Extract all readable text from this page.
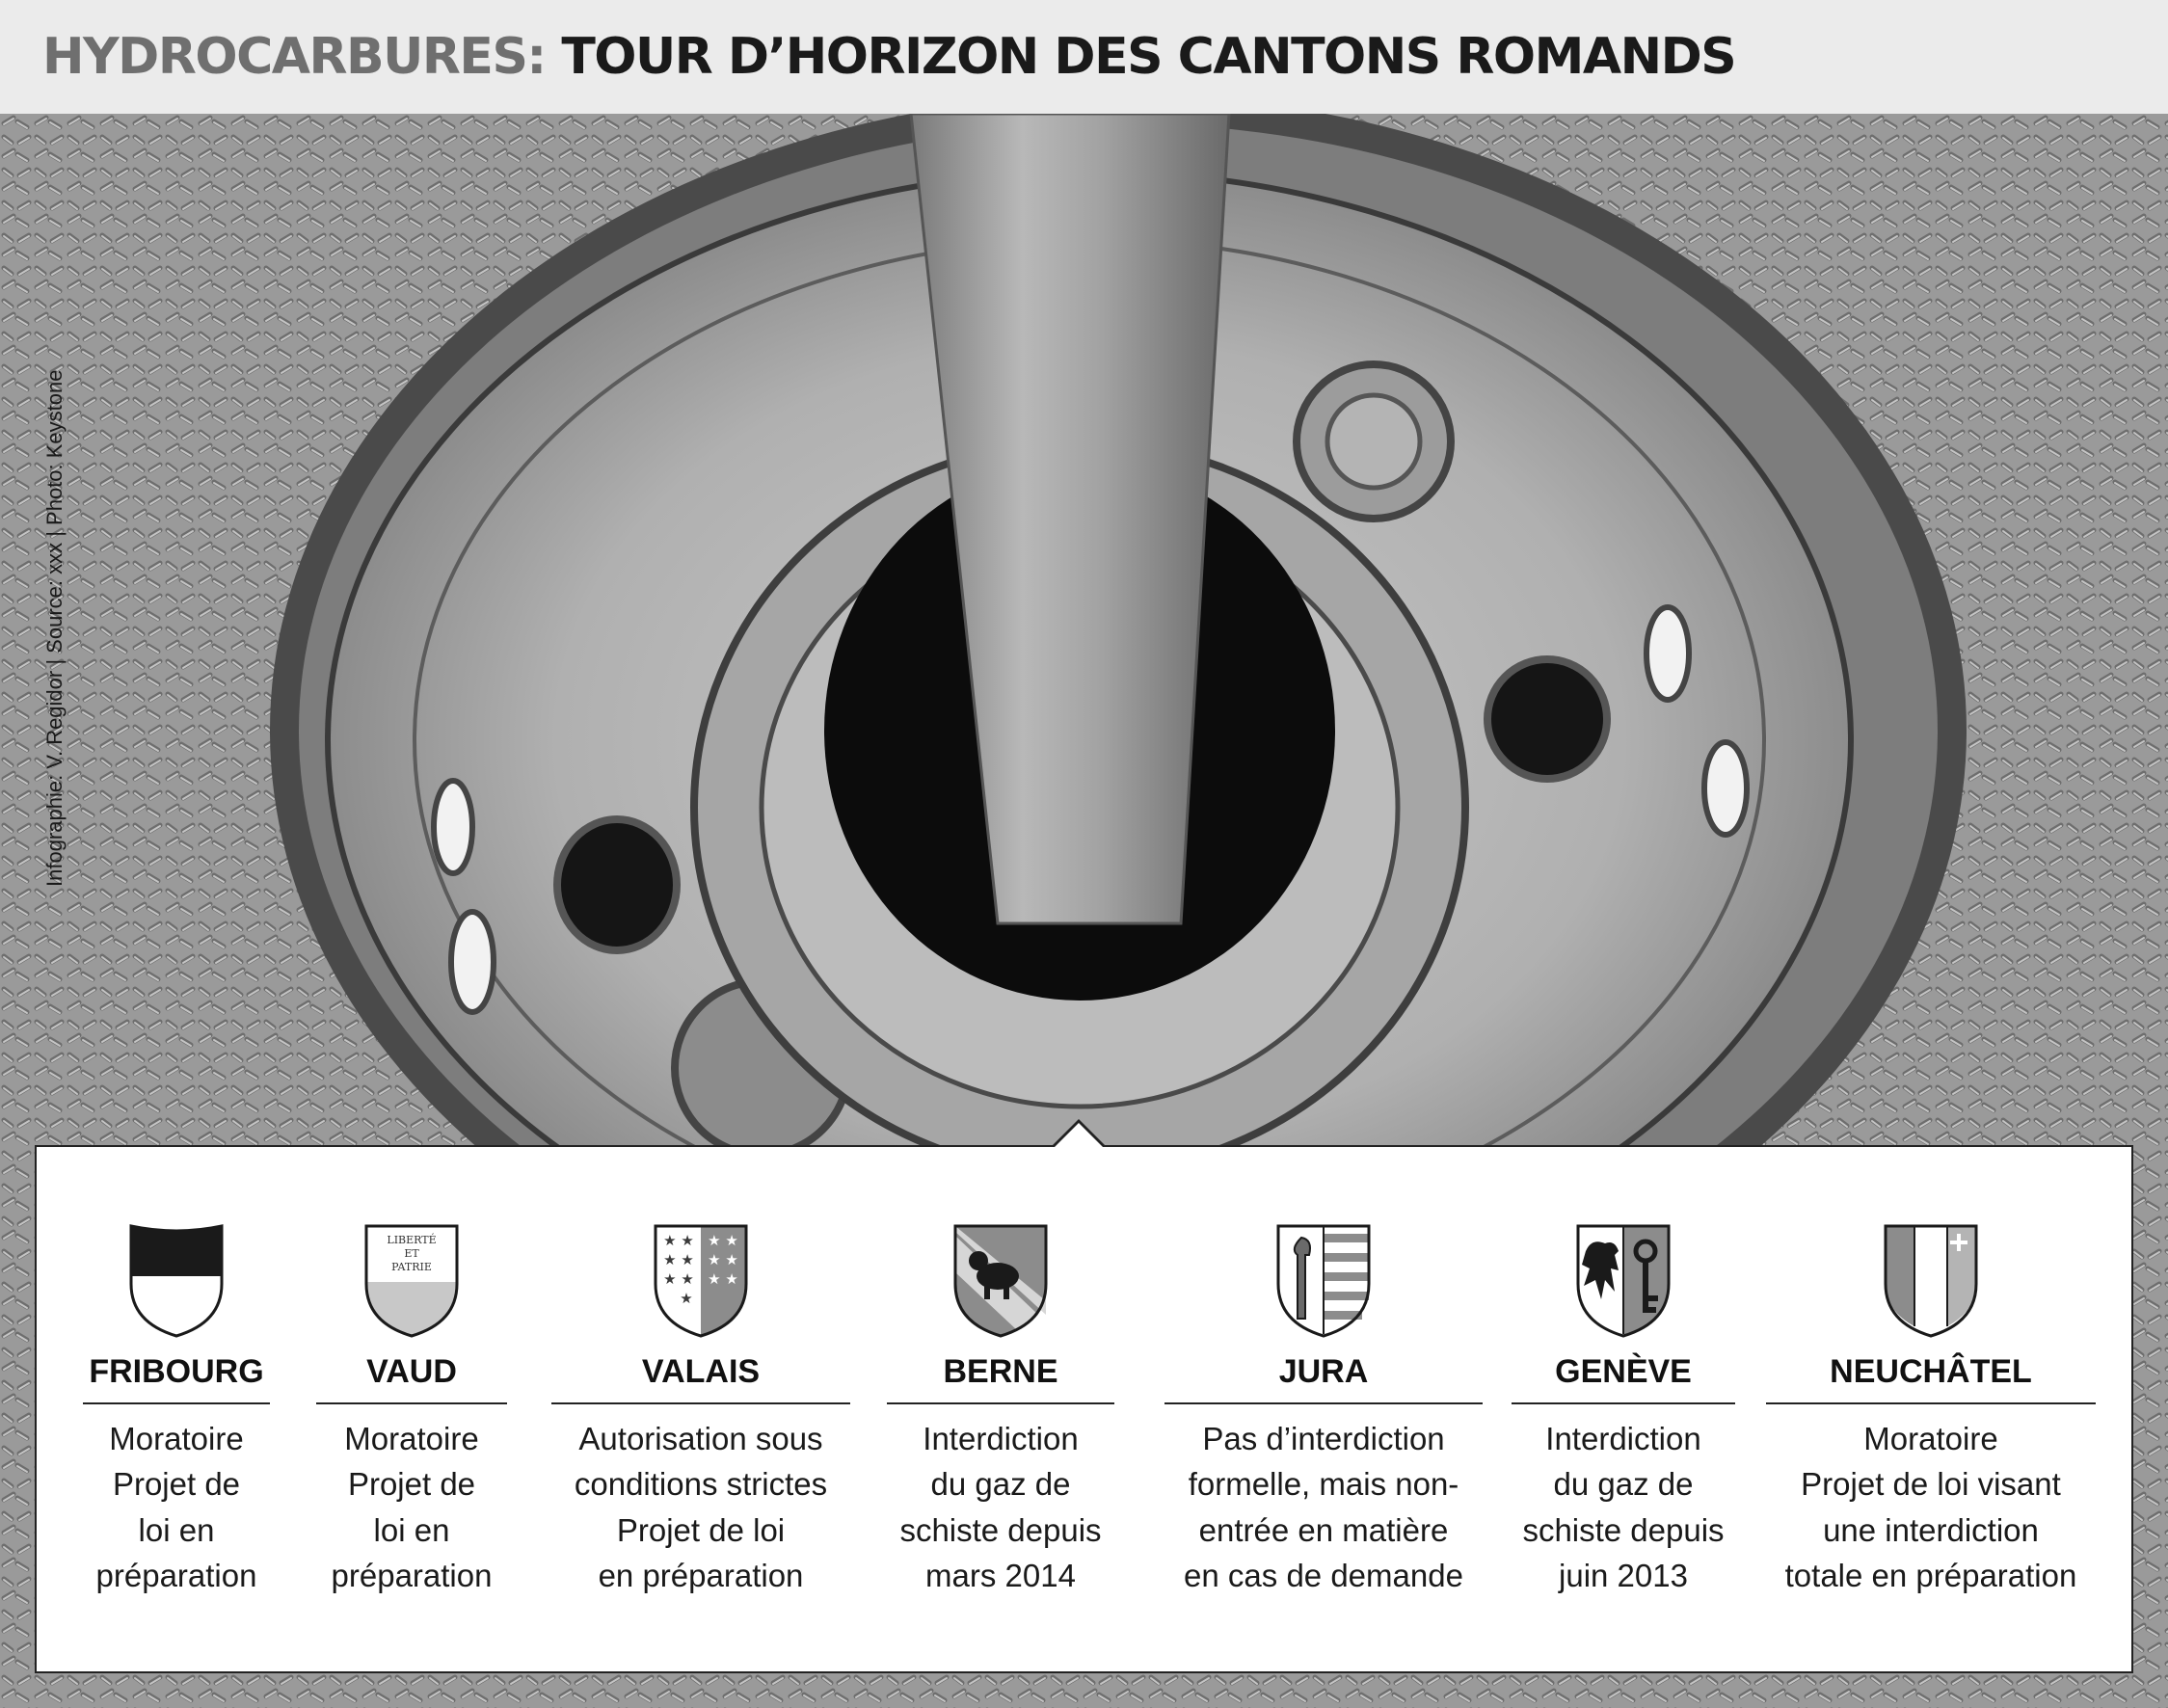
HYDROCARBURES: TOUR D’HORIZON DES CANTONS ROMANDS
Infographie: V. Regidor | Source: xxx | Photo: Keystone
FRIBOURG
Moratoire
Projet de
loi en
préparation
LIBERTÉ
ET
PATRIE
VAUD
Moratoire
Projet de
loi en
préparation
★ ★
★ ★
★ ★
★
★ ★
★ ★
★ ★
VALAIS
Autorisation sous
conditions strictes
Projet de loi
en préparation
BERNE
Interdiction
du gaz de
schiste depuis
mars 2014
JURA
Pas d’interdiction
formelle, mais non-
entrée en matière
en cas de demande
GENÈVE
Interdiction
du gaz de
schiste depuis
juin 2013
NEUCHÂTEL
Moratoire
Projet de loi visant
une interdiction
totale en préparation
